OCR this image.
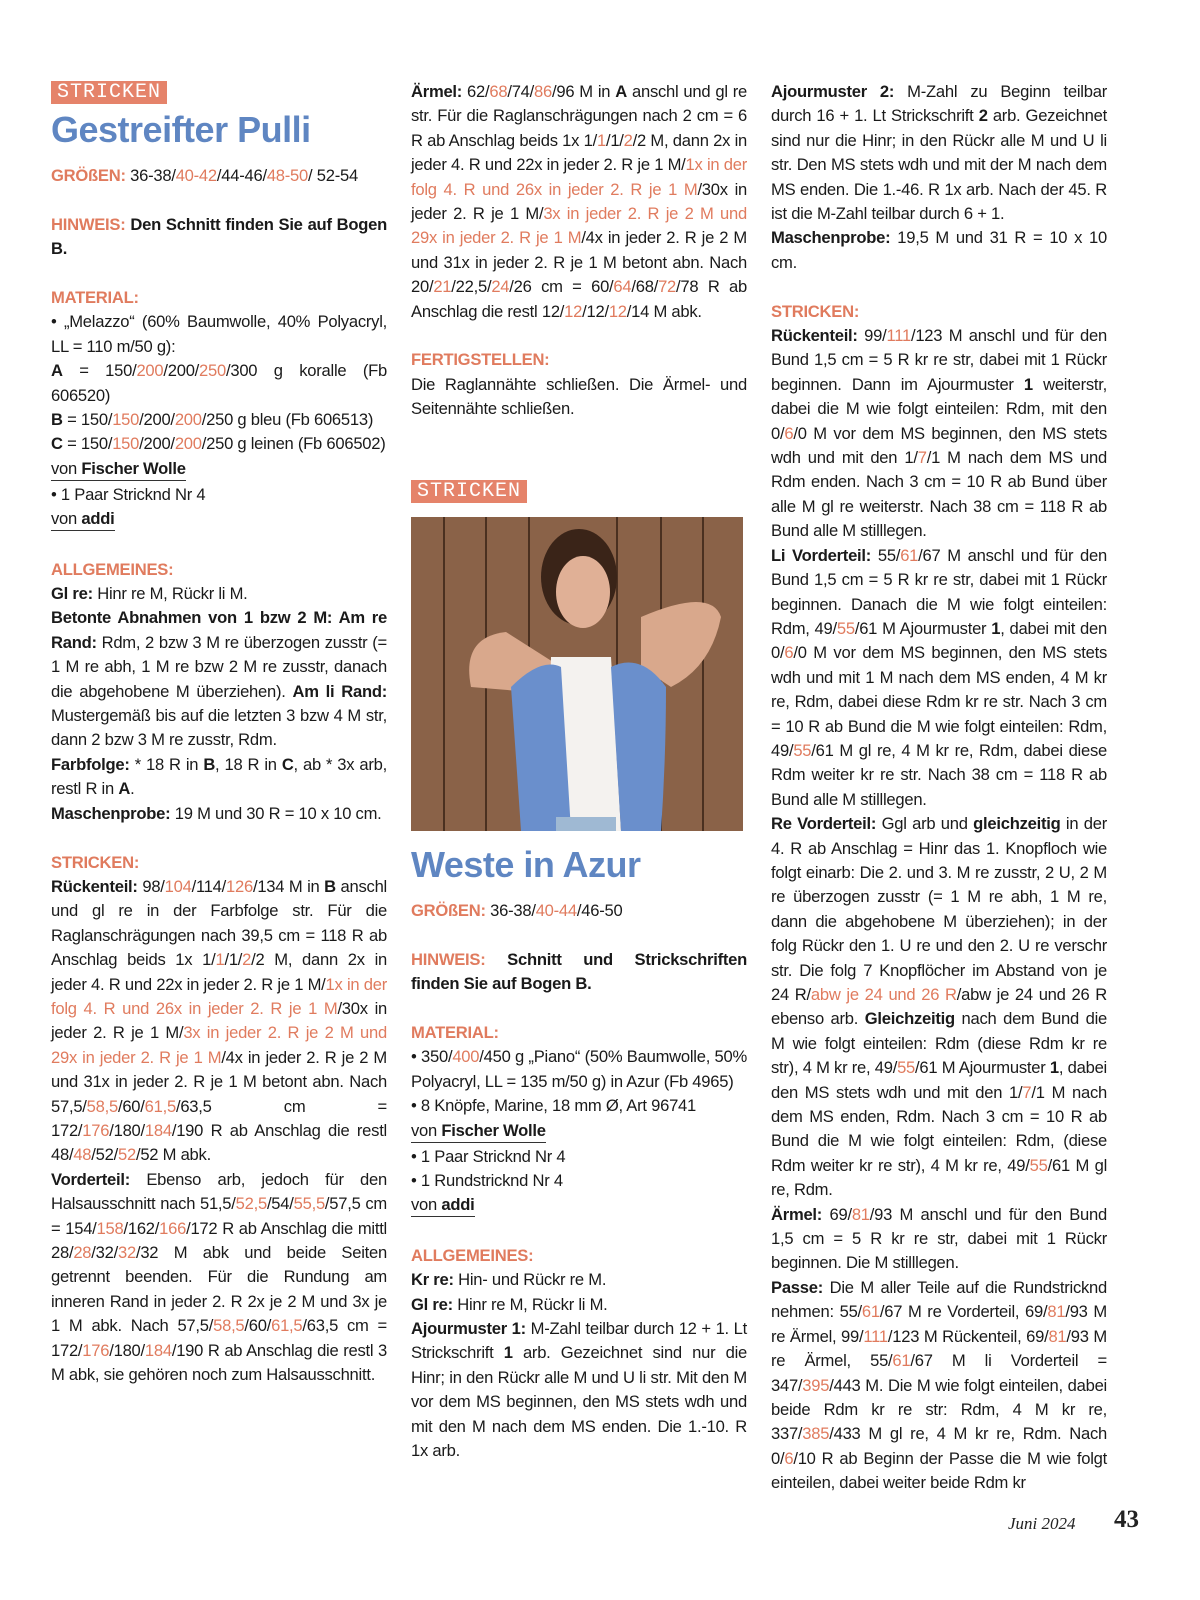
STRICKEN
Gestreifter Pulli
GRÖßEN: 36-38/40-42/44-46/48-50/ 52-54
HINWEIS: Den Schnitt finden Sie auf Bogen B.
MATERIAL:
• „Melazzo“ (60% Baumwolle, 40% Polyacryl, LL = 110 m/50 g):
A = 150/200/200/250/300 g koralle (Fb 606520)
B = 150/150/200/200/250 g bleu (Fb 606513)
C = 150/150/200/200/250 g leinen (Fb 606502)
von Fischer Wolle
• 1 Paar Stricknd Nr 4
von addi
ALLGEMEINES:
Gl re: Hinr re M, Rückr li M.
Betonte Abnahmen von 1 bzw 2 M: Am re Rand: Rdm, 2 bzw 3 M re überzogen zusstr (= 1 M re abh, 1 M re bzw 2 M re zusstr, danach die abgehobene M überziehen). Am li Rand: Mustergemäß bis auf die letzten 3 bzw 4 M str, dann 2 bzw 3 M re zusstr, Rdm.
Farbfolge: * 18 R in B, 18 R in C, ab * 3x arb, restl R in A.
Maschenprobe: 19 M und 30 R = 10 x 10 cm.
STRICKEN:
Rückenteil: 98/104/114/126/134 M in B anschl und gl re in der Farbfolge str. Für die Raglanschrägungen nach 39,5 cm = 118 R ab Anschlag beids 1x 1/1/1/2/2 M, dann 2x in jeder 4. R und 22x in jeder 2. R je 1 M/1x in der folg 4. R und 26x in jeder 2. R je 1 M/30x in jeder 2. R je 1 M/3x in jeder 2. R je 2 M und 29x in jeder 2. R je 1 M/4x in jeder 2. R je 2 M und 31x in jeder 2. R je 1 M betont abn. Nach 57,5/58,5/60/61,5/63,5 cm = 172/176/180/184/190 R ab Anschlag die restl 48/48/52/52/52 M abk.
Vorderteil: Ebenso arb, jedoch für den Halsausschnitt nach 51,5/52,5/54/55,5/57,5 cm = 154/158/162/166/172 R ab Anschlag die mittl 28/28/32/32/32 M abk und beide Seiten getrennt beenden. Für die Rundung am inneren Rand in jeder 2. R 2x je 2 M und 3x je 1 M abk. Nach 57,5/58,5/60/61,5/63,5 cm = 172/176/180/184/190 R ab Anschlag die restl 3 M abk, sie gehören noch zum Halsausschnitt.
Ärmel: 62/68/74/86/96 M in A anschl und gl re str. Für die Raglanschrägungen nach 2 cm = 6 R ab Anschlag beids 1x 1/1/1/2/2 M, dann 2x in jeder 4. R und 22x in jeder 2. R je 1 M/1x in der folg 4. R und 26x in jeder 2. R je 1 M/30x in jeder 2. R je 1 M/3x in jeder 2. R je 2 M und 29x in jeder 2. R je 1 M/4x in jeder 2. R je 2 M und 31x in jeder 2. R je 1 M betont abn. Nach 20/21/22,5/24/26 cm = 60/64/68/72/78 R ab Anschlag die restl 12/12/12/12/14 M abk.
FERTIGSTELLEN:
Die Raglannähte schließen. Die Ärmel- und Seitennähte schließen.
STRICKEN
Weste in Azur
GRÖßEN: 36-38/40-44/46-50
HINWEIS: Schnitt und Strickschriften finden Sie auf Bogen B.
MATERIAL:
• 350/400/450 g „Piano“ (50% Baumwolle, 50% Polyacryl, LL = 135 m/50 g) in Azur (Fb 4965)
• 8 Knöpfe, Marine, 18 mm Ø, Art 96741
von Fischer Wolle
• 1 Paar Stricknd Nr 4
• 1 Rundstricknd Nr 4
von addi
ALLGEMEINES:
Kr re: Hin- und Rückr re M.
Gl re: Hinr re M, Rückr li M.
Ajourmuster 1: M-Zahl teilbar durch 12 + 1. Lt Strickschrift 1 arb. Gezeichnet sind nur die Hinr; in den Rückr alle M und U li str. Mit den M vor dem MS beginnen, den MS stets wdh und mit den M nach dem MS enden. Die 1.-10. R 1x arb.
Ajourmuster 2: M-Zahl zu Beginn teilbar durch 16 + 1. Lt Strickschrift 2 arb. Gezeichnet sind nur die Hinr; in den Rückr alle M und U li str. Den MS stets wdh und mit der M nach dem MS enden. Die 1.-46. R 1x arb. Nach der 45. R ist die M-Zahl teilbar durch 6 + 1.
Maschenprobe: 19,5 M und 31 R = 10 x 10 cm.
STRICKEN:
Rückenteil: 99/111/123 M anschl und für den Bund 1,5 cm = 5 R kr re str, dabei mit 1 Rückr beginnen. Dann im Ajourmuster 1 weiterstr, dabei die M wie folgt einteilen: Rdm, mit den 0/6/0 M vor dem MS beginnen, den MS stets wdh und mit den 1/7/1 M nach dem MS und Rdm enden. Nach 3 cm = 10 R ab Bund über alle M gl re weiterstr. Nach 38 cm = 118 R ab Bund alle M stilllegen.
Li Vorderteil: 55/61/67 M anschl und für den Bund 1,5 cm = 5 R kr re str, dabei mit 1 Rückr beginnen. Danach die M wie folgt einteilen: Rdm, 49/55/61 M Ajourmuster 1, dabei mit den 0/6/0 M vor dem MS beginnen, den MS stets wdh und mit 1 M nach dem MS enden, 4 M kr re, Rdm, dabei diese Rdm kr re str. Nach 3 cm = 10 R ab Bund die M wie folgt einteilen: Rdm, 49/55/61 M gl re, 4 M kr re, Rdm, dabei diese Rdm weiter kr re str. Nach 38 cm = 118 R ab Bund alle M stilllegen.
Re Vorderteil: Ggl arb und gleichzeitig in der 4. R ab Anschlag = Hinr das 1. Knopfloch wie folgt einarb: Die 2. und 3. M re zusstr, 2 U, 2 M re überzogen zusstr (= 1 M re abh, 1 M re, dann die abgehobene M überziehen); in der folg Rückr den 1. U re und den 2. U re verschr str. Die folg 7 Knopflöcher im Abstand von je 24 R/abw je 24 und 26 R/abw je 24 und 26 R ebenso arb. Gleichzeitig nach dem Bund die M wie folgt einteilen: Rdm (diese Rdm kr re str), 4 M kr re, 49/55/61 M Ajourmuster 1, dabei den MS stets wdh und mit den 1/7/1 M nach dem MS enden, Rdm. Nach 3 cm = 10 R ab Bund die M wie folgt einteilen: Rdm, (diese Rdm weiter kr re str), 4 M kr re, 49/55/61 M gl re, Rdm.
Ärmel: 69/81/93 M anschl und für den Bund 1,5 cm = 5 R kr re str, dabei mit 1 Rückr beginnen. Die M stilllegen.
Passe: Die M aller Teile auf die Rundstricknd nehmen: 55/61/67 M re Vorderteil, 69/81/93 M re Ärmel, 99/111/123 M Rückenteil, 69/81/93 M re Ärmel, 55/61/67 M li Vorderteil = 347/395/443 M. Die M wie folgt einteilen, dabei beide Rdm kr re str: Rdm, 4 M kr re, 337/385/433 M gl re, 4 M kr re, Rdm. Nach 0/6/10 R ab Beginn der Passe die M wie folgt einteilen, dabei weiter beide Rdm kr
Juni 2024 43
